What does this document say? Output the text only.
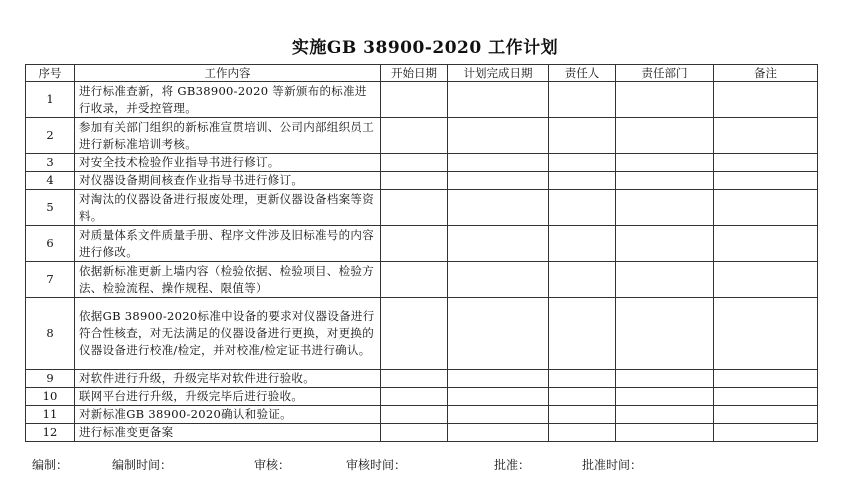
实施GB 38900-2020 工作计划
序号	工作内容	开始日期	计划完成日期	责任人	责任部门	备注
1	进行标准查新，将 GB38900-2020 等新颁布的标准进行收录，并受控管理。					
2	参加有关部门组织的新标准宣贯培训、公司内部组织员工进行新标准培训考核。					
3	对安全技术检验作业指导书进行修订。					
4	对仪器设备期间核查作业指导书进行修订。					
5	对淘汰的仪器设备进行报废处理，更新仪器设备档案等资料。					
6	对质量体系文件质量手册、程序文件涉及旧标准号的内容进行修改。					
7	依据新标准更新上墙内容（检验依据、检验项目、检验方法、检验流程、操作规程、限值等）					
8	依据GB 38900-2020标准中设备的要求对仪器设备进行符合性核查，对无法满足的仪器设备进行更换，对更换的仪器设备进行校准/检定，并对校准/检定证书进行确认。					
9	对软件进行升级，升级完毕对软件进行验收。					
10	联网平台进行升级，升级完毕后进行验收。					
11	对新标准GB 38900-2020确认和验证。					
12	进行标准变更备案					
编制：	编制时间：	审核：	审核时间：	批准：	批准时间：
